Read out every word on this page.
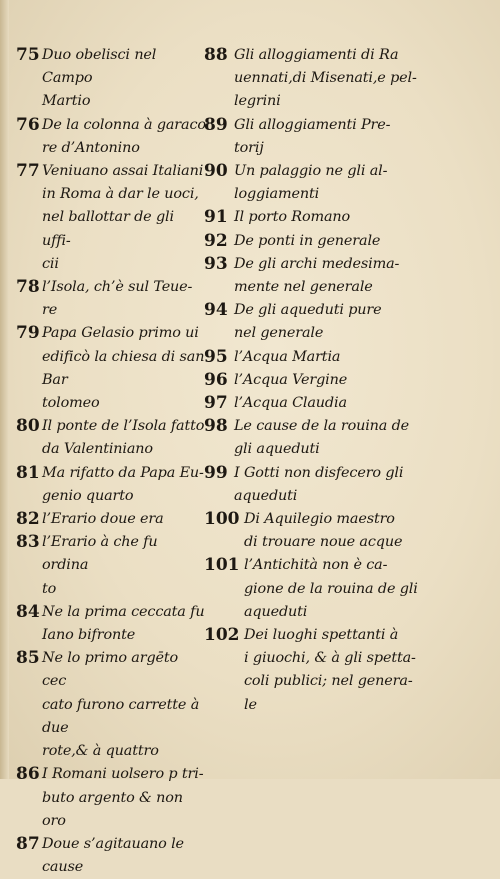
75 Duo obelisci nel Campo
Martio
76 De la colonna à garaco
re d’Antonino
77 Veniuano assai Italiani
in Roma à dar le uoci,
nel ballottar de gli uffi-
cii
78 l’Isola, ch’è sul Teue-
re
79 Papa Gelasio primo ui
edificò la chiesa di san Bar
tolomeo
80 Il ponte de l’Isola fatto
da Valentiniano
81 Ma rifatto da Papa Eu-
genio quarto
82 l’Erario doue era
83 l’Erario à che fu ordina
to
84 Ne la prima ceccata fu
Iano bifronte
85 Ne lo primo argēto cec
cato furono carrette à due
rote,& à quattro
86 I Romani uolsero p tri-
buto argento & non oro
87 Doue s’agitauano le
cause
88 Gli alloggiamenti di Ra
uennati,di Misenati,e pel-
legrini
89 Gli alloggiamenti Pre-
torij
90 Un palaggio ne gli al-
loggiamenti
91 Il porto Romano
92 De ponti in generale
93 De gli archi medesima-
mente nel generale
94 De gli aqueduti pure
nel generale
95 l’Acqua Martia
96 l’Acqua Vergine
97 l’Acqua Claudia
98 Le cause de la rouina de
gli aqueduti
99 I Gotti non disfecero gli
aqueduti
100 Di Aquilegio maestro
di trouare noue acque
101 l’Antichità non è ca-
gione de la rouina de gli
aqueduti
102 Dei luoghi spettanti à
i giuochi, & à gli spetta-
coli publici; nel genera-
le
